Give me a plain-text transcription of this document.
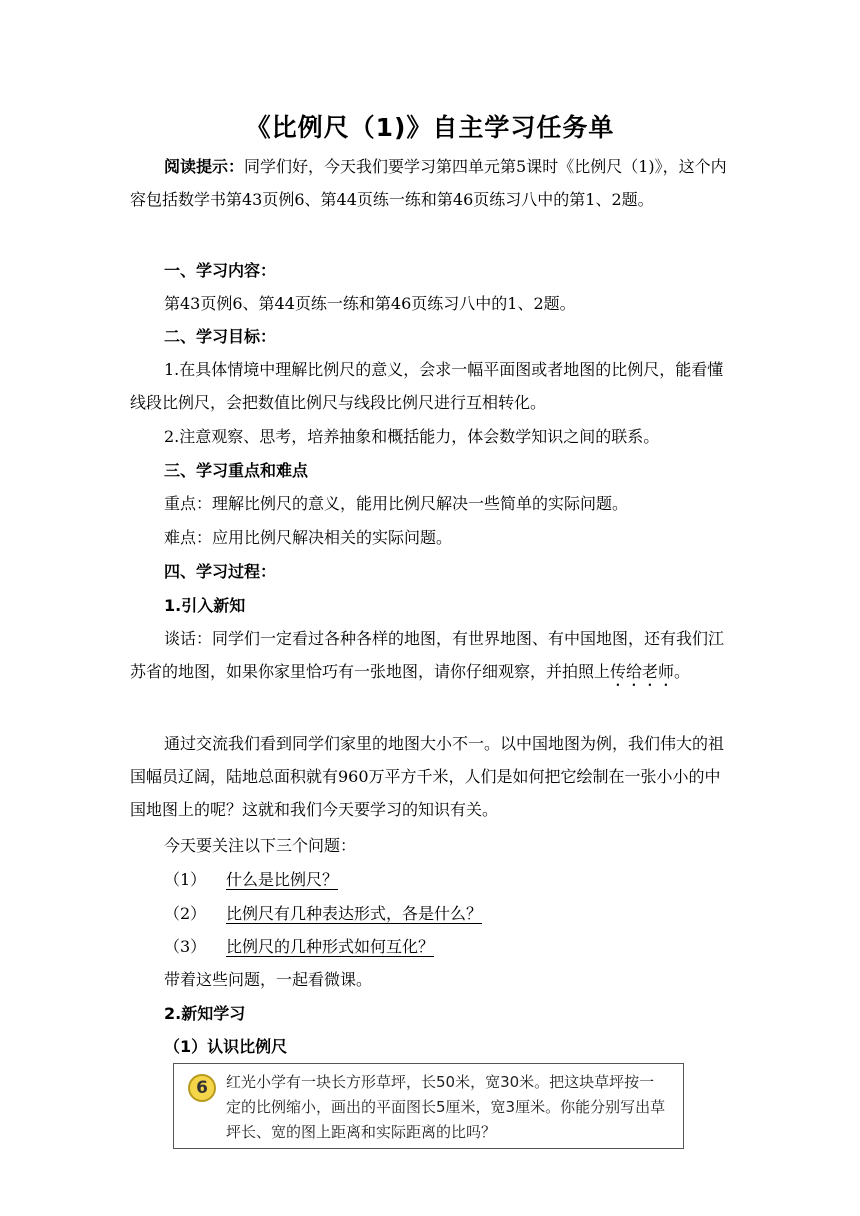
《比例尺（1)》自主学习任务单

阅读提示：同学们好，今天我们要学习第四单元第5课时《比例尺（1)》，这个内容包括数学书第43页例6、第44页练一练和第46页练习八中的第1、2题。

一、学习内容：

第43页例6、第44页练一练和第46页练习八中的1、2题。

二、学习目标：

1.在具体情境中理解比例尺的意义，会求一幅平面图或者地图的比例尺，能看懂线段比例尺，会把数值比例尺与线段比例尺进行互相转化。

2.注意观察、思考，培养抽象和概括能力，体会数学知识之间的联系。

三、学习重点和难点

重点：理解比例尺的意义，能用比例尺解决一些简单的实际问题。

难点：应用比例尺解决相关的实际问题。

四、学习过程：

1.引入新知

谈话：同学们一定看过各种各样的地图，有世界地图、有中国地图，还有我们江苏省的地图，如果你家里恰巧有一张地图，请你仔细观察，并拍照上传给老师。

通过交流我们看到同学们家里的地图大小不一。以中国地图为例，我们伟大的祖国幅员辽阔，陆地总面积就有960万平方千米，人们是如何把它绘制在一张小小的中国地图上的呢？这就和我们今天要学习的知识有关。

今天要关注以下三个问题：

（1） 什么是比例尺？

（2） 比例尺有几种表达形式，各是什么？

（3） 比例尺的几种形式如何互化？

带着这些问题，一起看微课。

2.新知学习

（1）认识比例尺

6	红光小学有一块长方形草坪，长50米，宽30米。把这块草坪按一定的比例缩小，画出的平面图长5厘米，宽3厘米。你能分别写出草坪长、宽的图上距离和实际距离的比吗？
